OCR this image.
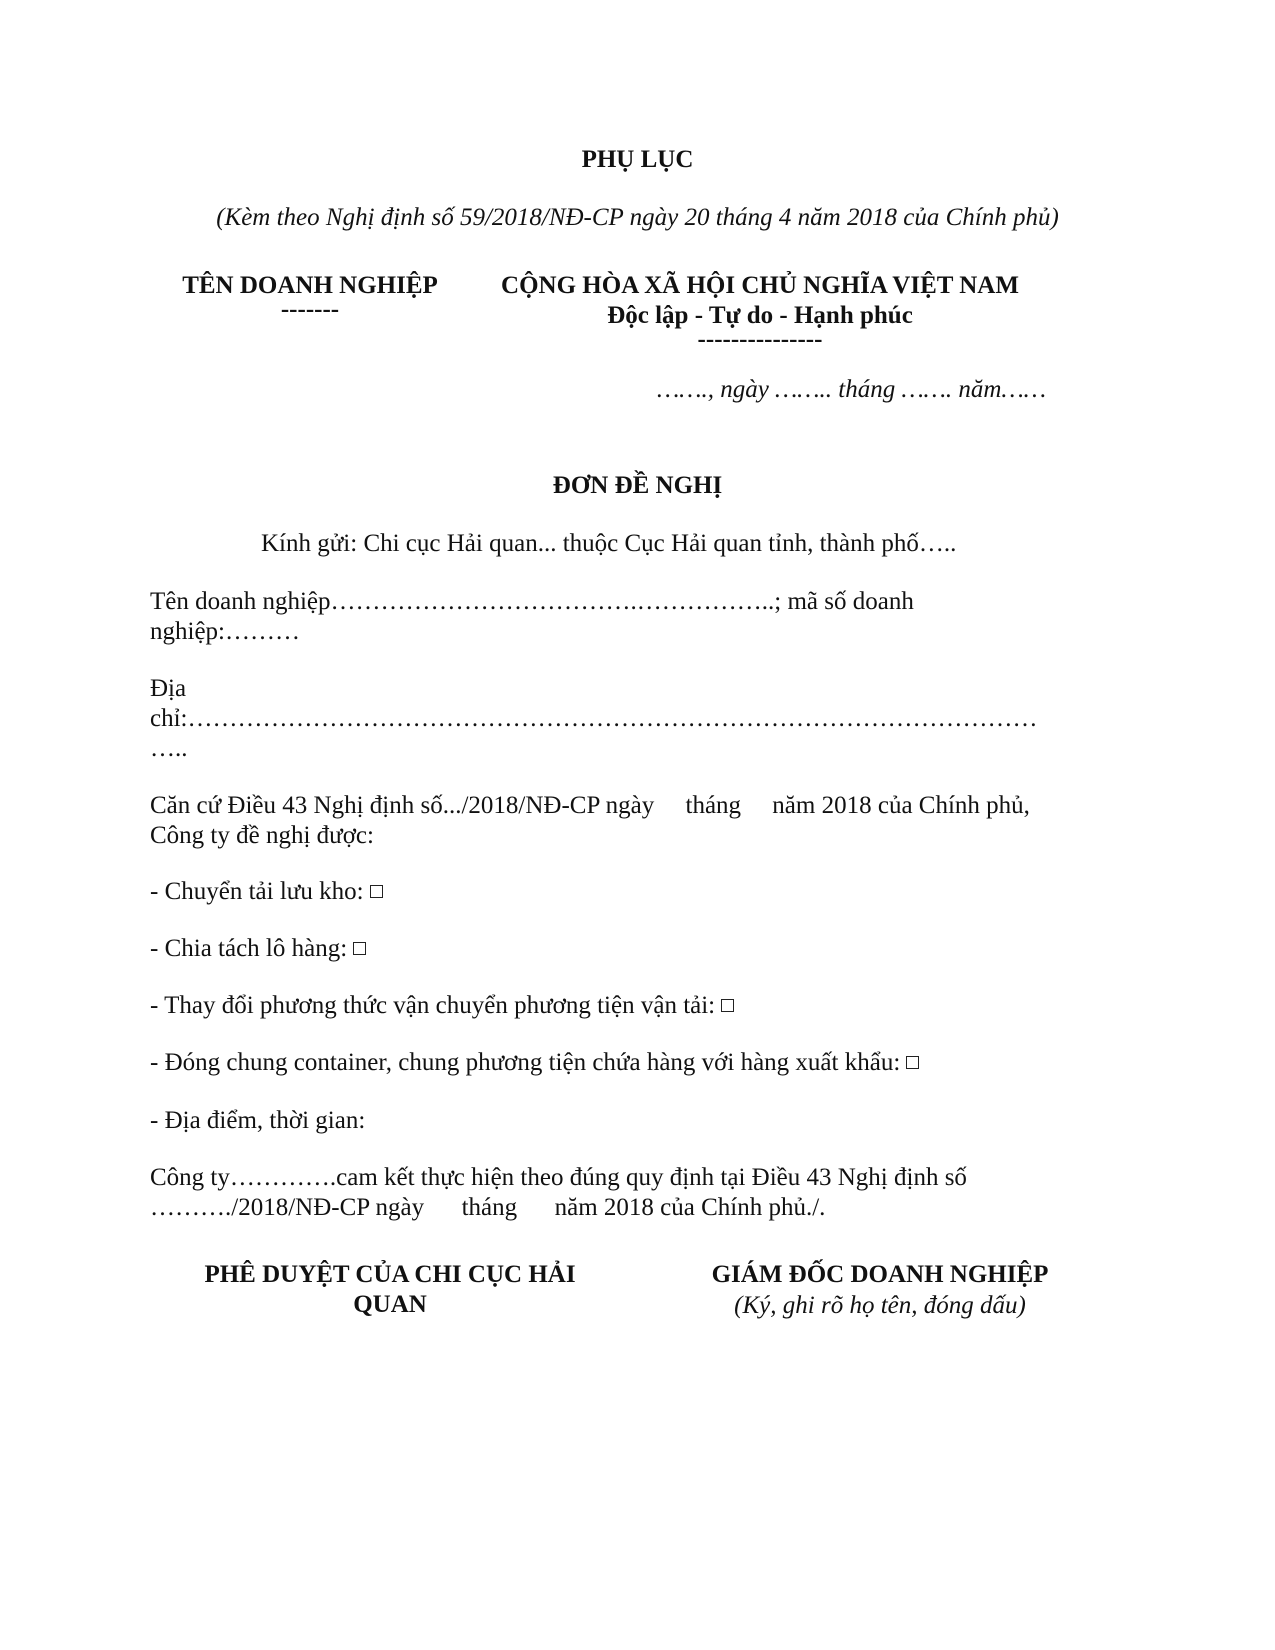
PHỤ LỤC
(Kèm theo Nghị định số 59/2018/NĐ-CP ngày 20 tháng 4 năm 2018 của Chính phủ)
TÊN DOANH NGHIỆP
-------
CỘNG HÒA XÃ HỘI CHỦ NGHĨA VIỆT NAM
Độc lập - Tự do - Hạnh phúc
---------------
……., ngày …….. tháng ……. năm……
ĐƠN ĐỀ NGHỊ
Kính gửi: Chi cục Hải quan... thuộc Cục Hải quan tỉnh, thành phố…..
Tên doanh nghiệp……………………………….……………..; mã số doanh
nghiệp:………
Địa
chỉ:…………………………………………………………………………………………
…..
Căn cứ Điều 43 Nghị định số.../2018/NĐ-CP ngày     tháng     năm 2018 của Chính phủ,
Công ty đề nghị được:
- Chuyển tải lưu kho:
- Chia tách lô hàng:
- Thay đổi phương thức vận chuyển phương tiện vận tải:
- Đóng chung container, chung phương tiện chứa hàng với hàng xuất khẩu:
- Địa điểm, thời gian:
Công ty………….cam kết thực hiện theo đúng quy định tại Điều 43 Nghị định số
………./2018/NĐ-CP ngày      tháng      năm 2018 của Chính phủ./.
PHÊ DUYỆT CỦA CHI CỤC HẢI
QUAN
GIÁM ĐỐC DOANH NGHIỆP
(Ký, ghi rõ họ tên, đóng dấu)
